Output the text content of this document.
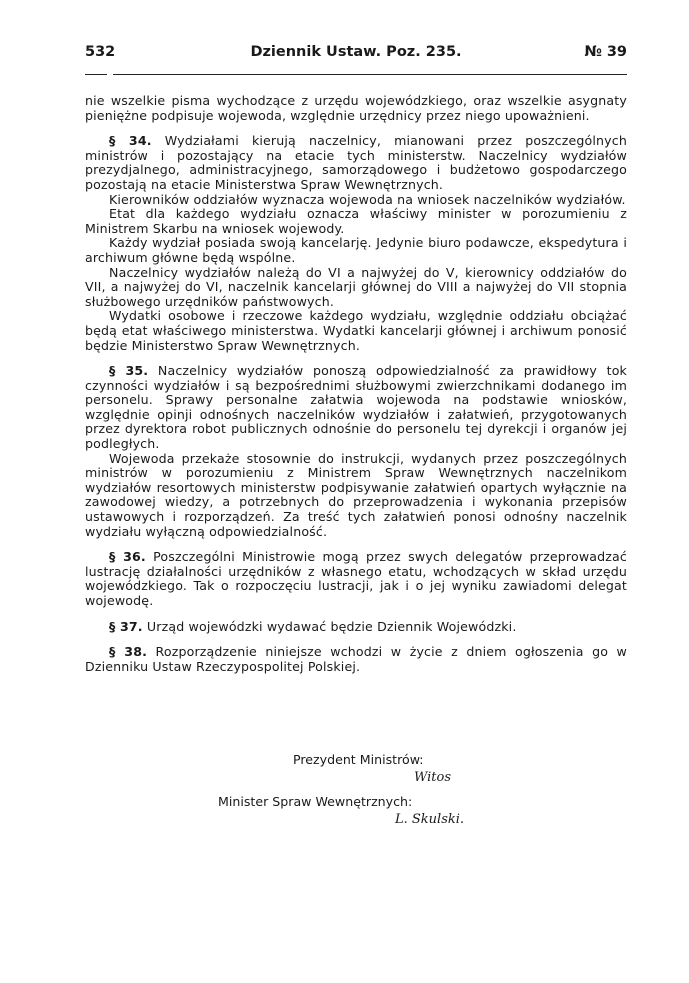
532	Dziennik Ustaw. Poz. 235.	№ 39

nie wszelkie pisma wychodzące z urzędu wojewódzkiego, oraz wszelkie asygnaty pieniężne podpisuje wojewoda, względnie urzędnicy przez niego upoważnieni.

§ 34. Wydziałami kierują naczelnicy, mianowani przez poszczególnych ministrów i pozostający na etacie tych ministerstw. Naczelnicy wydziałów prezydjalnego, administracyjnego, samorządowego i budżetowo gospodarczego pozostają na etacie Ministerstwa Spraw Wewnętrznych.

Kierowników oddziałów wyznacza wojewoda na wniosek naczelników wydziałów.

Etat dla każdego wydziału oznacza właściwy minister w porozumieniu z Ministrem Skarbu na wniosek wojewody.

Każdy wydział posiada swoją kancelarję. Jedynie biuro podawcze, ekspedytura i archiwum główne będą wspólne.

Naczelnicy wydziałów należą do VI a najwyżej do V, kierownicy oddziałów do VII, a najwyżej do VI, naczelnik kancelarji głównej do VIII a najwyżej do VII stopnia służbowego urzędników państwowych.

Wydatki osobowe i rzeczowe każdego wydziału, względnie oddziału obciążać będą etat właściwego ministerstwa. Wydatki kancelarji głównej i archiwum ponosić będzie Ministerstwo Spraw Wewnętrznych.

§ 35. Naczelnicy wydziałów ponoszą odpowiedzialność za prawidłowy tok czynności wydziałów i są bezpośrednimi służbowymi zwierzchnikami dodanego im personelu. Sprawy personalne załatwia wojewoda na podstawie wniosków, względnie opinji odnośnych naczelników wydziałów i załatwień, przygotowanych przez dyrektora robot publicznych odnośnie do personelu tej dyrekcji i organów jej podległych.

Wojewoda przekaże stosownie do instrukcji, wydanych przez poszczególnych ministrów w porozumieniu z Ministrem Spraw Wewnętrznych naczelnikom wydziałów resortowych ministerstw podpisywanie załatwień opartych wyłącznie na zawodowej wiedzy, a potrzebnych do przeprowadzenia i wykonania przepisów ustawowych i rozporządzeń. Za treść tych załatwień ponosi odnośny naczelnik wydziału wyłączną odpowiedzialność.

§ 36. Poszczególni Ministrowie mogą przez swych delegatów przeprowadzać lustrację działalności urzędników z własnego etatu, wchodzących w skład urzędu wojewódzkiego. Tak o rozpoczęciu lustracji, jak i o jej wyniku zawiadomi delegat wojewodę.

§ 37. Urząd wojewódzki wydawać będzie Dziennik Wojewódzki.

§ 38. Rozporządzenie niniejsze wchodzi w życie z dniem ogłoszenia go w Dzienniku Ustaw Rzeczypospolitej Polskiej.

Prezydent Ministrów:
Witos
Minister Spraw Wewnętrznych:
L. Skulski.
